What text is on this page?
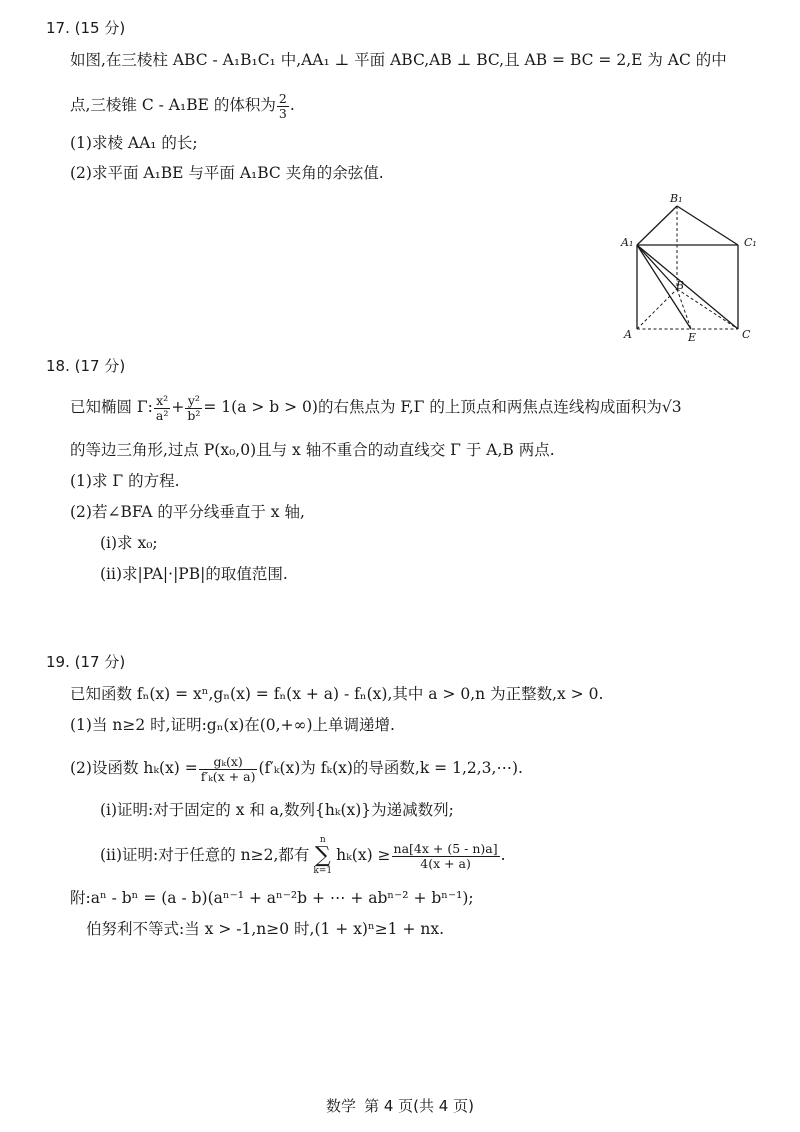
17. (15 分)
如图,在三棱柱 ABC - A₁B₁C₁ 中,AA₁ ⊥ 平面 ABC,AB ⊥ BC,且 AB = BC = 2,E 为 AC 的中
点,三棱锥 C - A₁BE 的体积为 $\frac{2}{3}$ .
(1)求棱 AA₁ 的长;
(2)求平面 A₁BE 与平面 A₁BC 夹角的余弦值.
B₁
A₁	C₁
B
A	E	C
18. (17 分)
已知椭圆 Γ: $\frac{\text{x²}}{\text{a²}} + \frac{\text{y²}}{\text{b²}} = 1(a > b > 0)$的右焦点为 F,Γ 的上顶点和两焦点连线构成面积为√3
的等边三角形,过点 P(x₀,0)且与 x 轴不重合的动直线交 Γ 于 A,B 两点.
(1)求 Γ 的方程.
(2)若∠BFA 的平分线垂直于 x 轴,
(ⅰ)求 x₀;
(ⅱ)求|PA|·|PB|的取值范围.
19. (17 分)
已知函数 fₙ(x) = xⁿ,gₙ(x) = fₙ(x + a) - fₙ(x),其中 a > 0,n 为正整数,x > 0.
(1)当 n≥2 时,证明:gₙ(x)在(0,+∞)上单调递增.
(2)设函数 $h_k(x) = \frac{\text{gₖ(x)}}{\text{f′ₖ(x + a)}} (f'_k(x)$为 fₖ(x)的导函数,k = 1,2,3,⋯).
(ⅰ)证明:对于固定的 x 和 a,数列{hₖ(x)}为递减数列;
(ⅱ)证明:对于任意的 n≥2,都有
n
∑
k=1
$h_k(x) \ge \frac{na[4x + (5 - n)a]}{4(x + a)}$ .
附:aⁿ - bⁿ = (a - b)(aⁿ⁻¹ + aⁿ⁻²b + ⋯ + abⁿ⁻² + bⁿ⁻¹);
伯努利不等式:当 x > -1,n≥0 时,(1 + x)ⁿ≥1 + nx.
数学 第 4 页(共 4 页)
